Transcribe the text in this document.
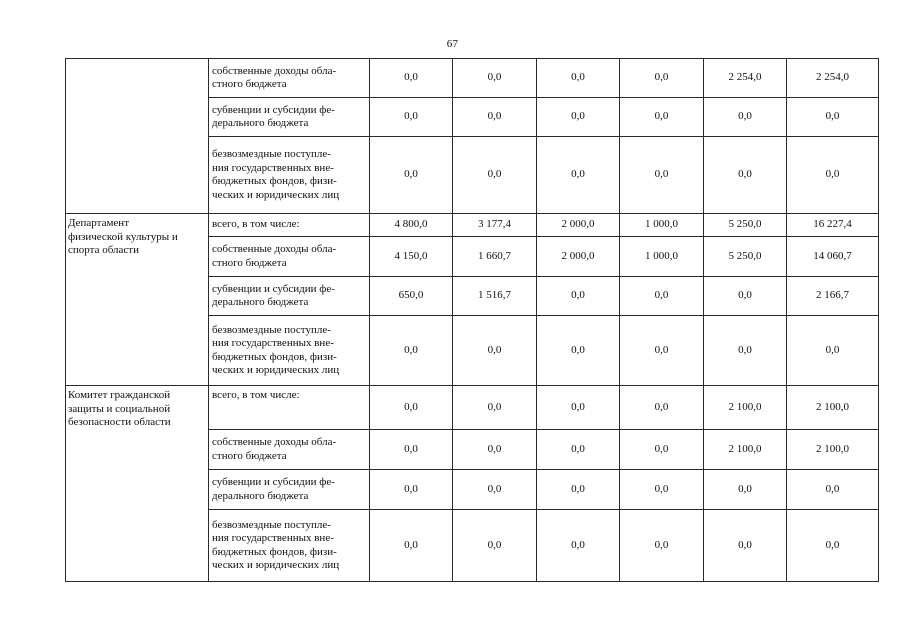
67

	собственные доходы обла-
стного бюджета	0,0	0,0	0,0	0,0	2 254,0	2 254,0

	субвенции и субсидии фе-
дерального бюджета	0,0	0,0	0,0	0,0	0,0	0,0

	безвозмездные поступле-
ния государственных вне-
бюджетных фондов, физи-
ческих и юридических лиц	0,0	0,0	0,0	0,0	0,0	0,0

Департамент
физической культуры и
спорта области	всего, в том числе:	4 800,0	3 177,4	2 000,0	1 000,0	5 250,0	16 227,4

	собственные доходы обла-
стного бюджета	4 150,0	1 660,7	2 000,0	1 000,0	5 250,0	14 060,7

	субвенции и субсидии фе-
дерального бюджета	650,0	1 516,7	0,0	0,0	0,0	2 166,7

	безвозмездные поступле-
ния государственных вне-
бюджетных фондов, физи-
ческих и юридических лиц	0,0	0,0	0,0	0,0	0,0	0,0

Комитет гражданской
защиты и социальной
безопасности области	всего, в том числе:	0,0	0,0	0,0	0,0	2 100,0	2 100,0

	собственные доходы обла-
стного бюджета	0,0	0,0	0,0	0,0	2 100,0	2 100,0

	субвенции и субсидии фе-
дерального бюджета	0,0	0,0	0,0	0,0	0,0	0,0

	безвозмездные поступле-
ния государственных вне-
бюджетных фондов, физи-
ческих и юридических лиц	0,0	0,0	0,0	0,0	0,0	0,0
